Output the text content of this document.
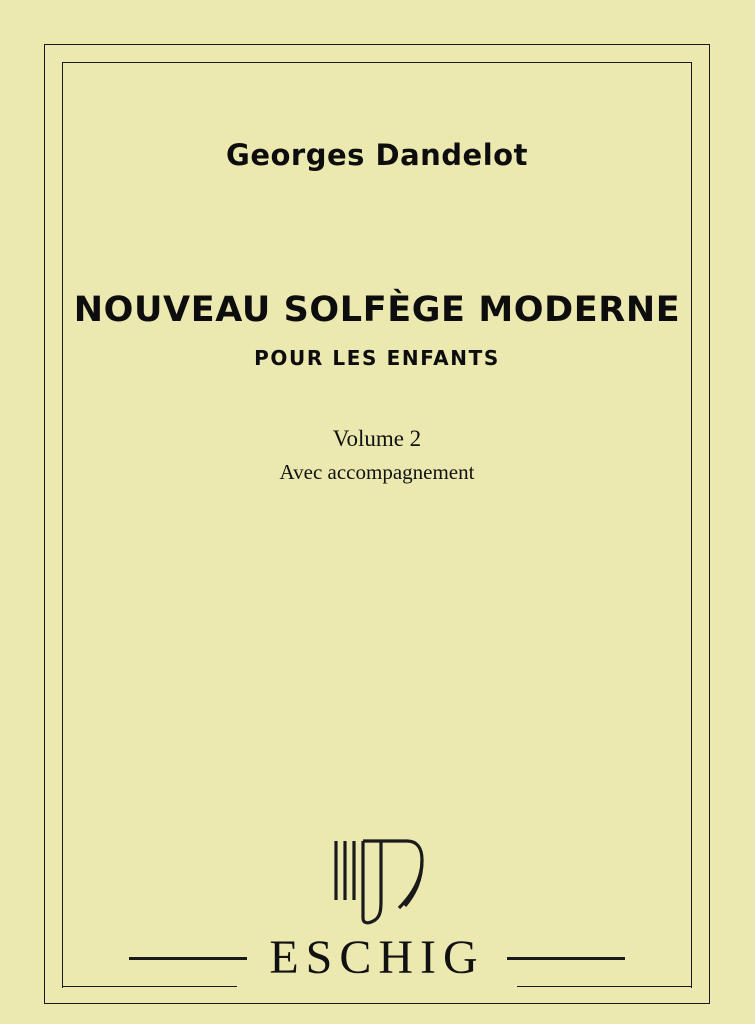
Georges Dandelot
NOUVEAU SOLFÈGE MODERNE
POUR LES ENFANTS
Volume 2
Avec accompagnement
ESCHIG
